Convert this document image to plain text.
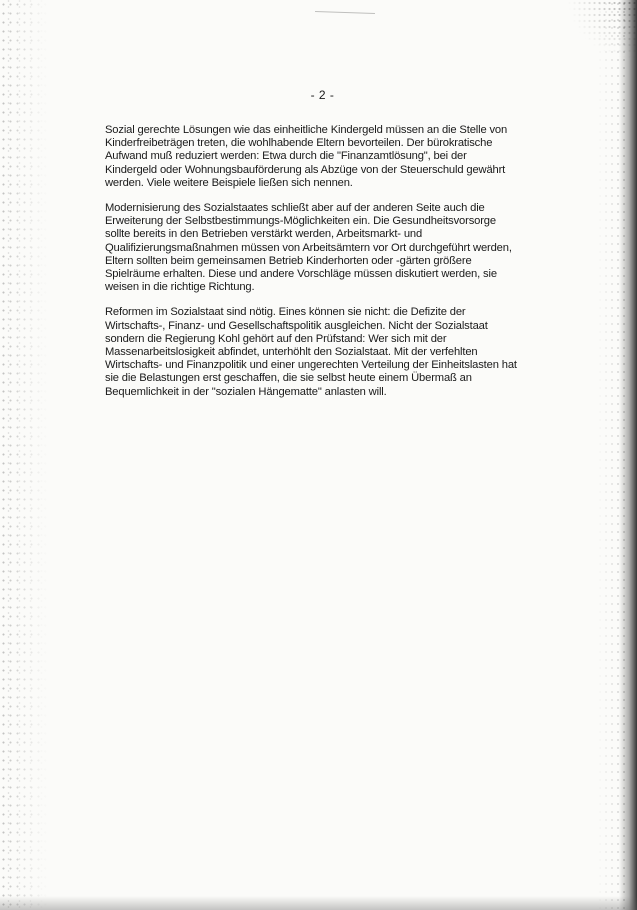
- 2 -

Sozial gerechte Lösungen wie das einheitliche Kindergeld müssen an die Stelle von
Kinderfreibeträgen treten, die wohlhabende Eltern bevorteilen. Der bürokratische
Aufwand muß reduziert werden: Etwa durch die "Finanzamtlösung", bei der
Kindergeld oder Wohnungsbauförderung als Abzüge von der Steuerschuld gewährt
werden. Viele weitere Beispiele ließen sich nennen.

Modernisierung des Sozialstaates schließt aber auf der anderen Seite auch die
Erweiterung der Selbstbestimmungs-Möglichkeiten ein. Die Gesundheitsvorsorge
sollte bereits in den Betrieben verstärkt werden, Arbeitsmarkt- und
Qualifizierungsmaßnahmen müssen von Arbeitsämtern vor Ort durchgeführt werden,
Eltern sollten beim gemeinsamen Betrieb Kinderhorten oder -gärten größere
Spielräume erhalten. Diese und andere Vorschläge müssen diskutiert werden, sie
weisen in die richtige Richtung.

Reformen im Sozialstaat sind nötig. Eines können sie nicht: die Defizite der
Wirtschafts-, Finanz- und Gesellschaftspolitik ausgleichen. Nicht der Sozialstaat
sondern die Regierung Kohl gehört auf den Prüfstand: Wer sich mit der
Massenarbeitslosigkeit abfindet, unterhöhlt den Sozialstaat. Mit der verfehlten
Wirtschafts- und Finanzpolitik und einer ungerechten Verteilung der Einheitslasten hat
sie die Belastungen erst geschaffen, die sie selbst heute einem Übermaß an
Bequemlichkeit in der "sozialen Hängematte" anlasten will.
